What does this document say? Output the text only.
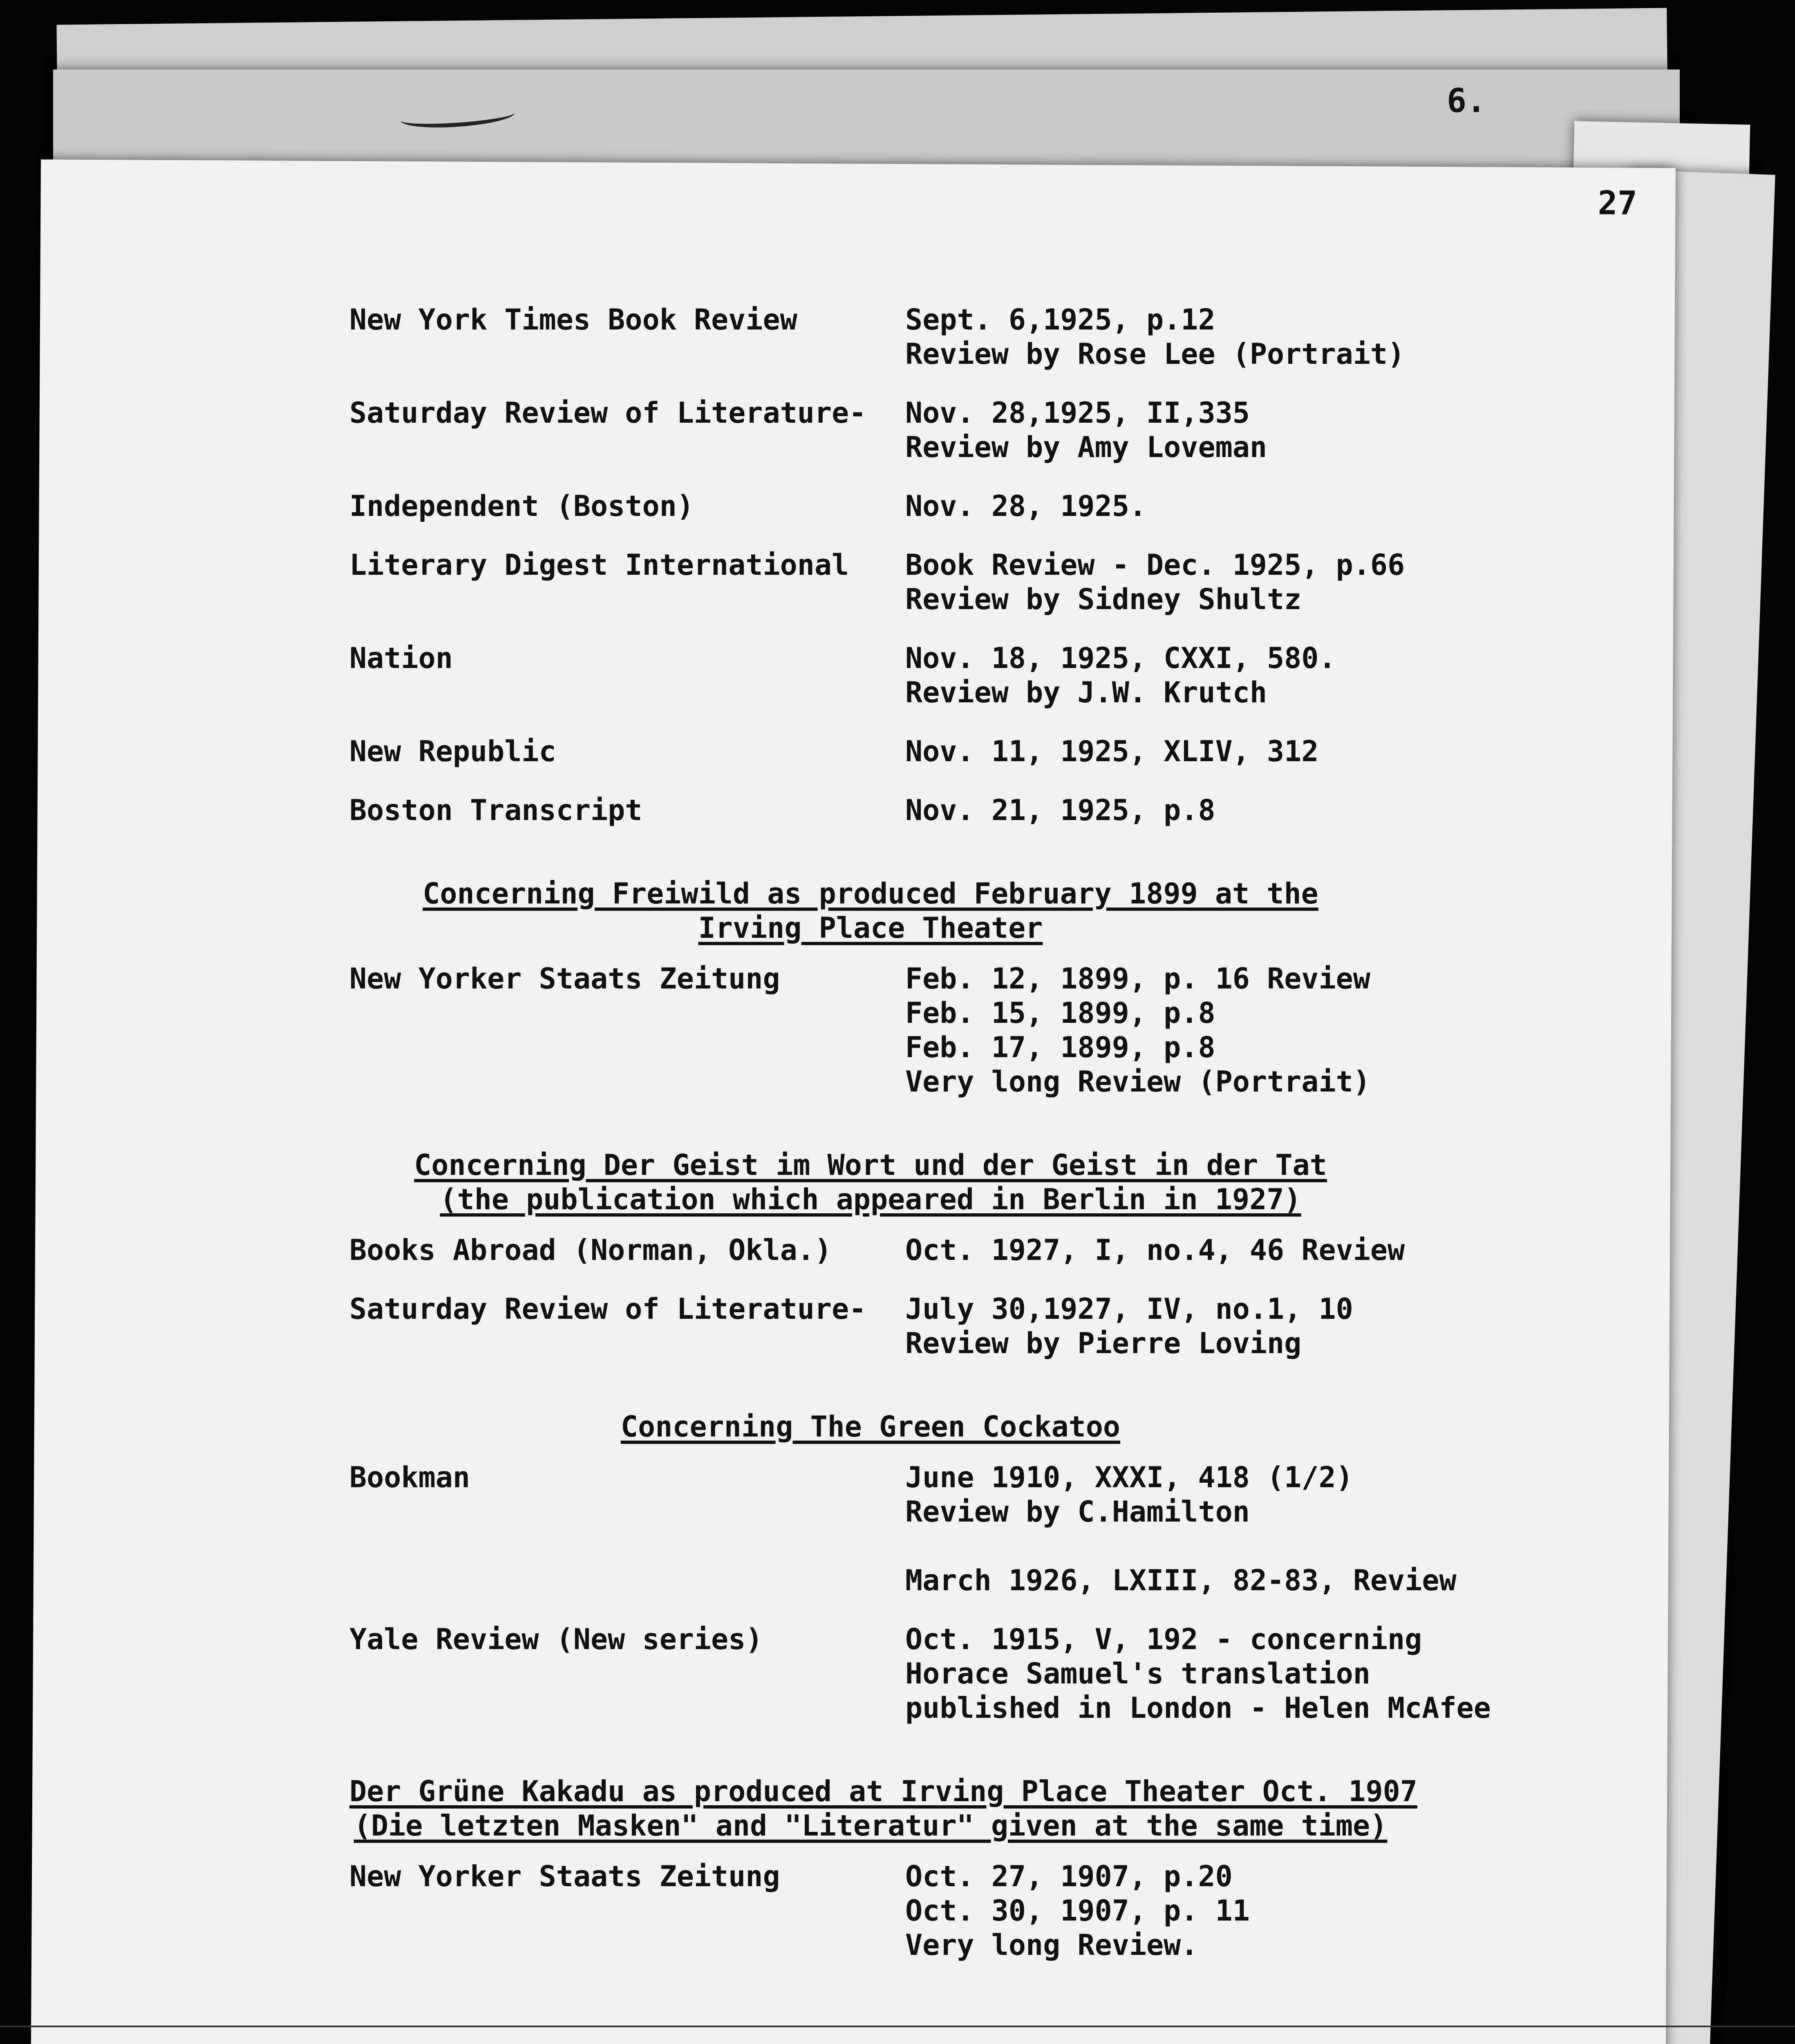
6.
27
New York Times Book Review	Sept. 6,1925, p.12
Review by Rose Lee (Portrait)
Saturday Review of Literature-	Nov. 28,1925, II,335
Review by Amy Loveman
Independent (Boston)	Nov. 28, 1925.
Literary Digest International	Book Review - Dec. 1925, p.66
Review by Sidney Shultz
Nation	Nov. 18, 1925, CXXI, 580.
Review by J.W. Krutch
New Republic	Nov. 11, 1925, XLIV, 312
Boston Transcript	Nov. 21, 1925, p.8
Concerning Freiwild as produced February 1899 at the
Irving Place Theater
New Yorker Staats Zeitung	Feb. 12, 1899, p. 16 Review
Feb. 15, 1899, p.8
Feb. 17, 1899, p.8
Very long Review (Portrait)
Concerning Der Geist im Wort und der Geist in der Tat
(the publication which appeared in Berlin in 1927)
Books Abroad (Norman, Okla.)	Oct. 1927, I, no.4, 46 Review
Saturday Review of Literature-	July 30,1927, IV, no.1, 10
Review by Pierre Loving
Concerning The Green Cockatoo
Bookman	June 1910, XXXI, 418 (1/2)
Review by C.Hamilton
March 1926, LXIII, 82-83, Review
Yale Review (New series)	Oct. 1915, V, 192 - concerning
Horace Samuel's translation
published in London - Helen McAfee
Der Grüne Kakadu as produced at Irving Place Theater Oct. 1907
(Die letzten Masken" and "Literatur" given at the same time)
New Yorker Staats Zeitung	Oct. 27, 1907, p.20
Oct. 30, 1907, p. 11
Very long Review.
